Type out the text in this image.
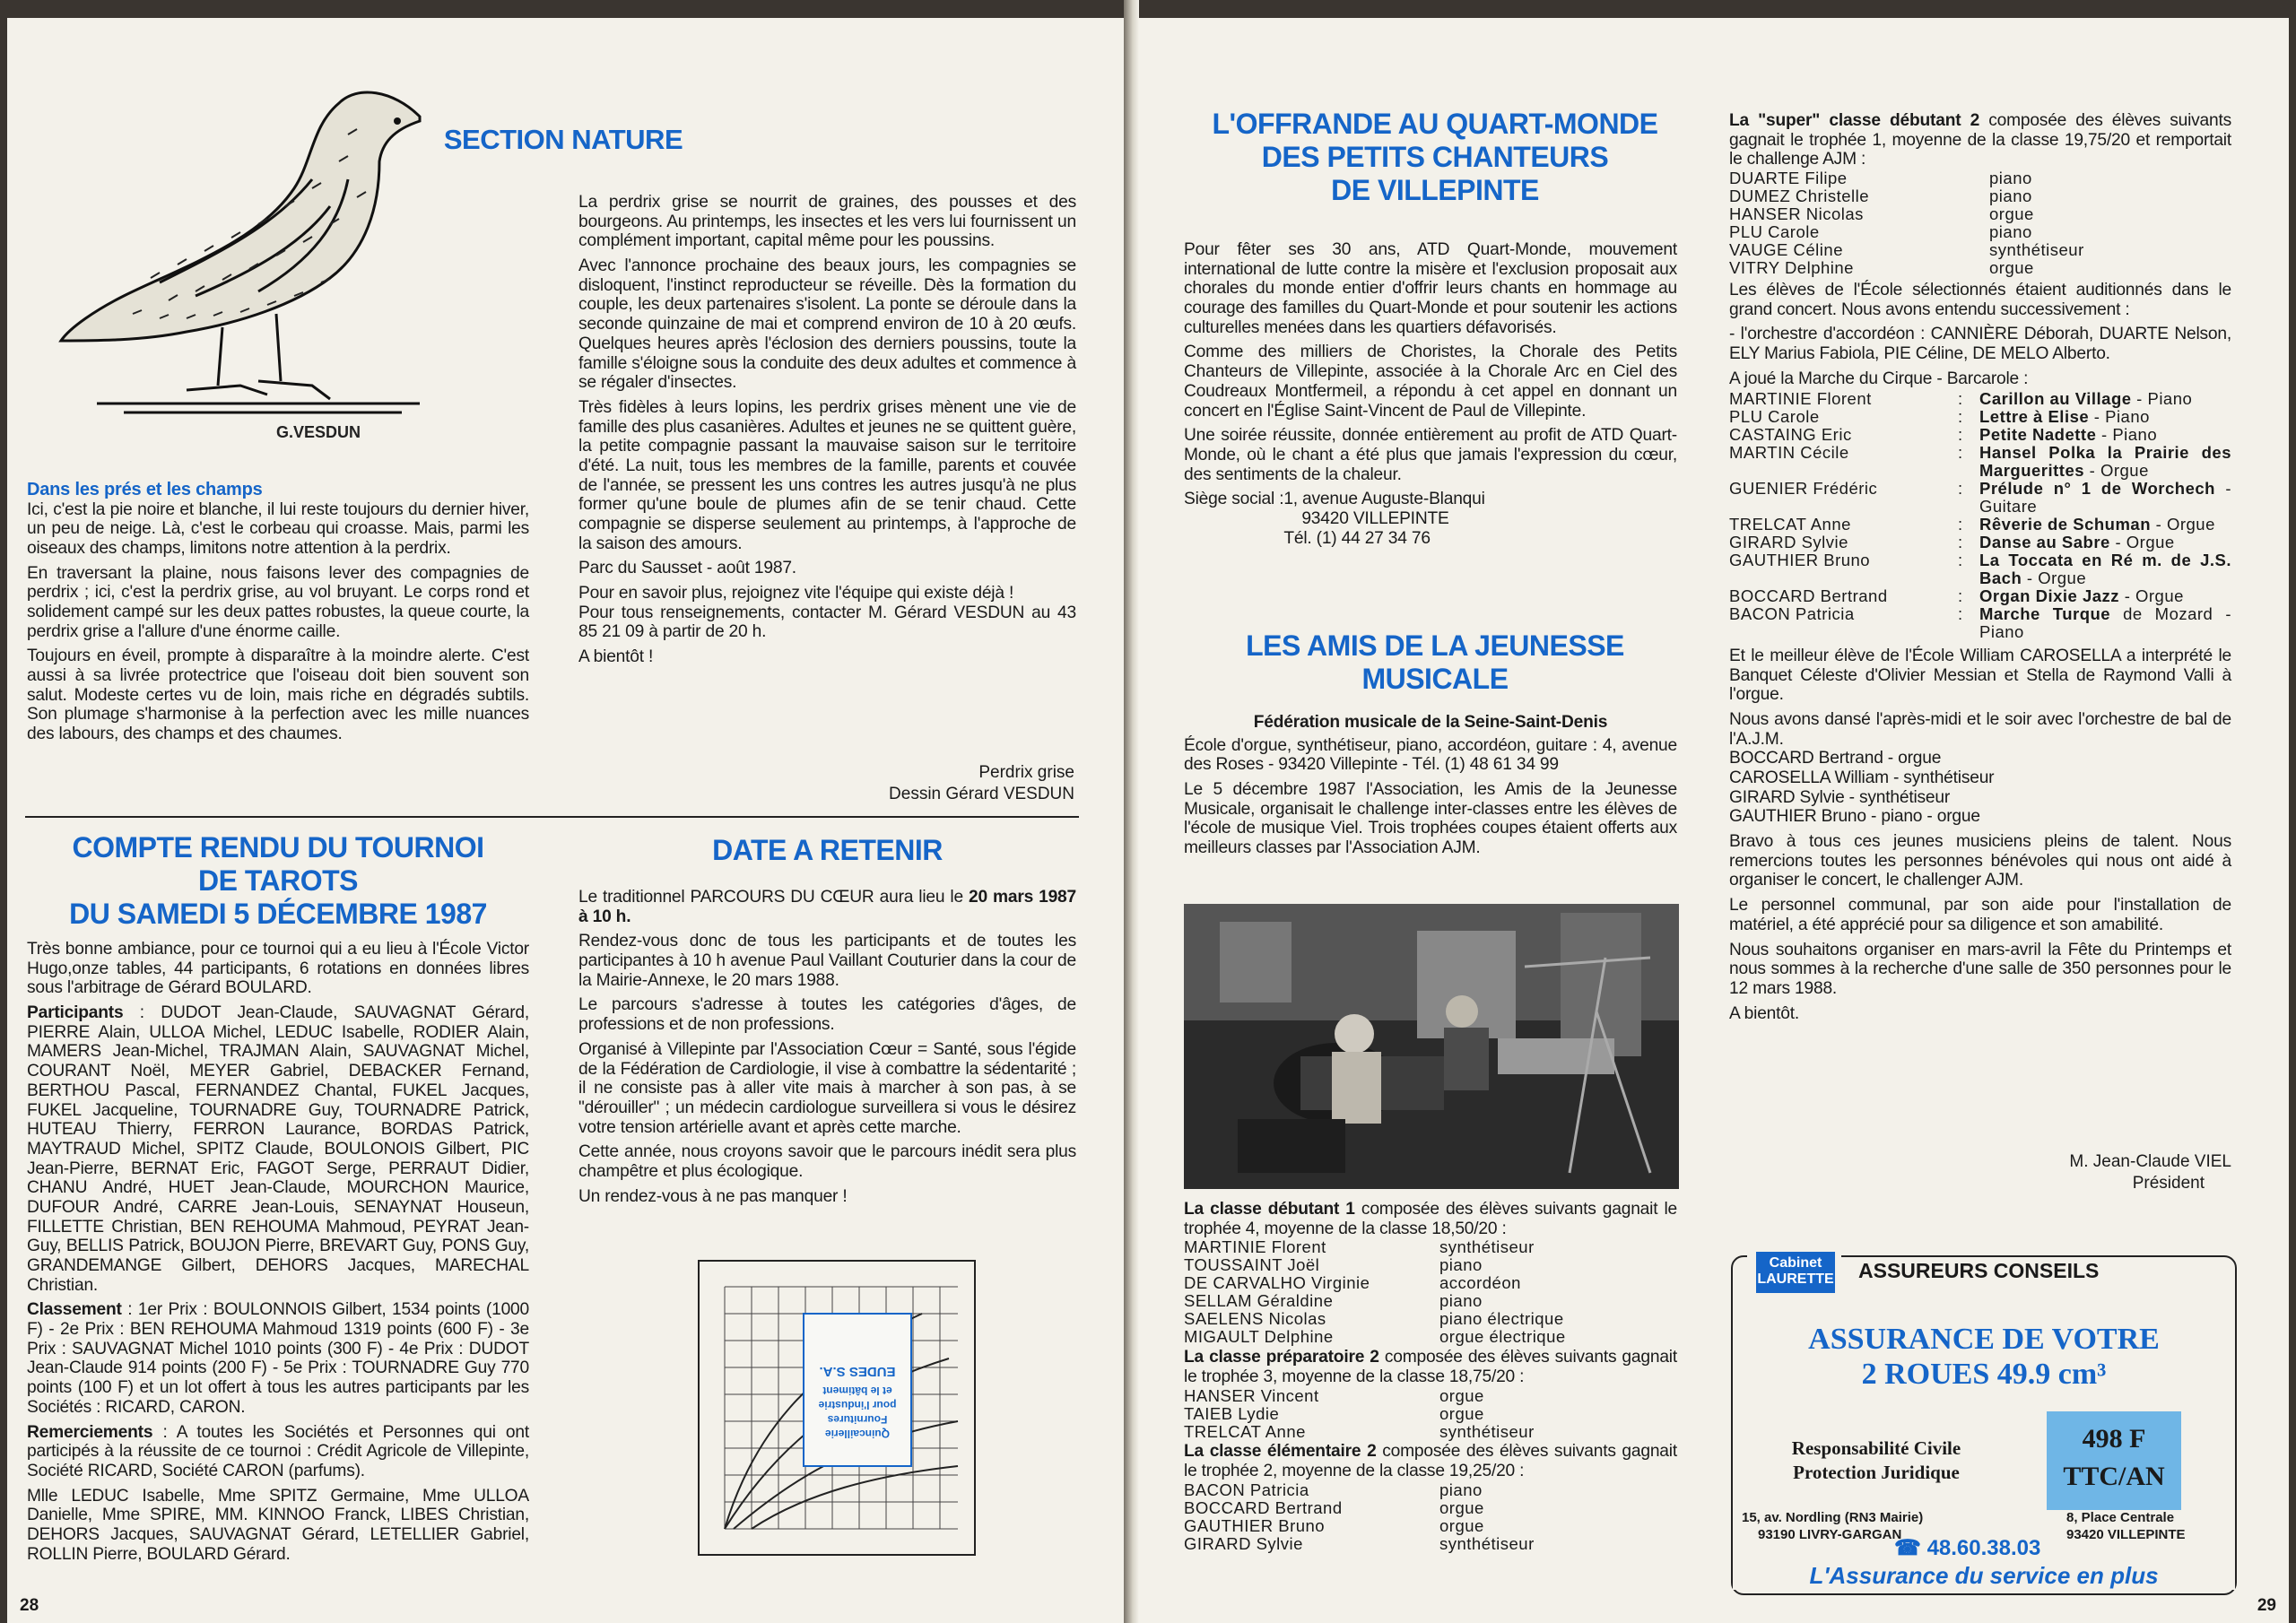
G.VESDUN
SECTION NATURE
Dans les prés et les champs

Ici, c'est la pie noire et blanche, il lui reste toujours du dernier hiver, un peu de neige. Là, c'est le corbeau qui croasse. Mais, parmi les oiseaux des champs, limitons notre attention à la perdrix.

En traversant la plaine, nous faisons lever des compagnies de perdrix ; ici, c'est la perdrix grise, au vol bruyant. Le corps rond et solidement campé sur les deux pattes robustes, la queue courte, la perdrix grise a l'allure d'une énorme caille.

Toujours en éveil, prompte à disparaître à la moindre alerte. C'est aussi à sa livrée protectrice que l'oiseau doit bien souvent son salut. Modeste certes vu de loin, mais riche en dégradés subtils. Son plumage s'harmonise à la perfection avec les mille nuances des labours, des champs et des chaumes.

La perdrix grise se nourrit de graines, des pousses et des bourgeons. Au printemps, les insectes et les vers lui fournissent un complément important, capital même pour les poussins.

Avec l'annonce prochaine des beaux jours, les compagnies se disloquent, l'instinct reproducteur se réveille. Dès la formation du couple, les deux partenaires s'isolent. La ponte se déroule dans la seconde quinzaine de mai et comprend environ de 10 à 20 œufs. Quelques heures après l'éclosion des derniers poussins, toute la famille s'éloigne sous la conduite des deux adultes et commence à se régaler d'insectes.

Très fidèles à leurs lopins, les perdrix grises mènent une vie de famille des plus casanières. Adultes et jeunes ne se quittent guère, la petite compagnie passant la mauvaise saison sur le territoire d'été. La nuit, tous les membres de la famille, parents et couvée de l'année, se pressent les uns contres les autres jusqu'à ne plus former qu'une boule de plumes afin de se tenir chaud. Cette compagnie se disperse seulement au printemps, à l'approche de la saison des amours.

Parc du Sausset - août 1987.

Pour en savoir plus, rejoignez vite l'équipe qui existe déjà !

Pour tous renseignements, contacter M. Gérard VESDUN au 43 85 21 09 à partir de 20 h.

A bientôt !

Perdrix grise
Dessin Gérard VESDUN
COMPTE RENDU DU TOURNOI
DE TAROTS
DU SAMEDI 5 DÉCEMBRE 1987

Très bonne ambiance, pour ce tournoi qui a eu lieu à l'École Victor Hugo,onze tables, 44 participants, 6 rotations en données libres sous l'arbitrage de Gérard BOULARD.

Participants : DUDOT Jean-Claude, SAUVAGNAT Gérard, PIERRE Alain, ULLOA Michel, LEDUC Isabelle, RODIER Alain, MAMERS Jean-Michel, TRAJMAN Alain, SAUVAGNAT Michel, COURANT Noël, MEYER Gabriel, DEBACKER Fernand, BERTHOU Pascal, FERNANDEZ Chantal, FUKEL Jacques, FUKEL Jacqueline, TOURNADRE Guy, TOURNADRE Patrick, HUTEAU Thierry, FERRON Laurance, BORDAS Patrick, MAYTRAUD Michel, SPITZ Claude, BOULONOIS Gilbert, PIC Jean-Pierre, BERNAT Eric, FAGOT Serge, PERRAUT Didier, CHANU André, HUET Jean-Claude, MOURCHON Maurice, DUFOUR André, CARRE Jean-Louis, SENAYNAT Houseun, FILLETTE Christian, BEN REHOUMA Mahmoud, PEYRAT Jean-Guy, BELLIS Patrick, BOUJON Pierre, BREVART Guy, PONS Guy, GRANDEMANGE Gilbert, DEHORS Jacques, MARECHAL Christian.

Classement : 1er Prix : BOULONNOIS Gilbert, 1534 points (1000 F) - 2e Prix : BEN REHOUMA Mahmoud 1319 points (600 F) - 3e Prix : SAUVAGNAT Michel 1010 points (300 F) - 4e Prix : DUDOT Jean-Claude 914 points (200 F) - 5e Prix : TOURNADRE Guy 770 points (100 F) et un lot offert à tous les autres participants par les Sociétés : RICARD, CARON.

Remerciements : A toutes les Sociétés et Personnes qui ont participés à la réussite de ce tournoi : Crédit Agricole de Villepinte, Société RICARD, Société CARON (parfums).

Mlle LEDUC Isabelle, Mme SPITZ Germaine, Mme ULLOA Danielle, Mme SPIRE, MM. KINNOO Franck, LIBES Christian, DEHORS Jacques, SAUVAGNAT Gérard, LETELLIER Gabriel, ROLLIN Pierre, BOULARD Gérard.

DATE A RETENIR

Le traditionnel PARCOURS DU CŒUR aura lieu le 20 mars 1987 à 10 h.

Rendez-vous donc de tous les participants et de toutes les participantes à 10 h avenue Paul Vaillant Couturier dans la cour de la Mairie-Annexe, le 20 mars 1988.

Le parcours s'adresse à toutes les catégories d'âges, de professions et de non professions.

Organisé à Villepinte par l'Association Cœur = Santé, sous l'égide de la Fédération de Cardiologie, il vise à combattre la sédentarité ; il ne consiste pas à aller vite mais à marcher à son pas, à se "dérouiller" ; un médecin cardiologue surveillera si vous le désirez votre tension artérielle avant et après cette marche.

Cette année, nous croyons savoir que le parcours inédit sera plus champêtre et plus écologique.

Un rendez-vous à ne pas manquer !

Quincaillerie
Fournitures
pour l'industrie
et le bâtiment
EUDES S.A.
28
L'OFFRANDE AU QUART-MONDE
DES PETITS CHANTEURS
DE VILLEPINTE

Pour fêter ses 30 ans, ATD Quart-Monde, mouvement international de lutte contre la misère et l'exclusion proposait aux chorales du monde entier d'offrir leurs chants en hommage au courage des familles du Quart-Monde et pour soutenir les actions culturelles menées dans les quartiers défavorisés.

Comme des milliers de Choristes, la Chorale des Petits Chanteurs de Villepinte, associée à la Chorale Arc en Ciel des Coudreaux Montfermeil, a répondu à cet appel en donnant un concert en l'Église Saint-Vincent de Paul de Villepinte.

Une soirée réussite, donnée entièrement au profit de ATD Quart-Monde, où le chant a été plus que jamais l'expression du cœur, des sentiments de la chaleur.

Siège social : 1, avenue Auguste-Blanqui
93420 VILLEPINTE
Tél. (1) 44 27 34 76
LES AMIS DE LA JEUNESSE
MUSICALE
Fédération musicale de la Seine-Saint-Denis

École d'orgue, synthétiseur, piano, accordéon, guitare : 4, avenue des Roses - 93420 Villepinte - Tél. (1) 48 61 34 99

Le 5 décembre 1987 l'Association, les Amis de la Jeunesse Musicale, organisait le challenge inter-classes entre les élèves de l'école de musique Viel. Trois trophées coupes étaient offerts aux meilleurs classes par l'Association AJM.

La classe débutant 1 composée des élèves suivants gagnait le trophée 4, moyenne de la classe 18,50/20 :

MARTINIE Florent	synthétiseur
TOUSSAINT Joël	piano
DE CARVALHO Virginie	accordéon
SELLAM Géraldine	piano
SAELENS Nicolas	piano électrique
MIGAULT Delphine	orgue électrique

La classe préparatoire 2 composée des élèves suivants gagnait le trophée 3, moyenne de la classe 18,75/20 :

HANSER Vincent	orgue
TAIEB Lydie	orgue
TRELCAT Anne	synthétiseur

La classe élémentaire 2 composée des élèves suivants gagnait le trophée 2, moyenne de la classe 19,25/20 :

BACON Patricia	piano
BOCCARD Bertrand	orgue
GAUTHIER Bruno	orgue
GIRARD Sylvie	synthétiseur

La "super" classe débutant 2 composée des élèves suivants gagnait le trophée 1, moyenne de la classe 19,75/20 et remportait le challenge AJM :

DUARTE Filipe	piano
DUMEZ Christelle	piano
HANSER Nicolas	orgue
PLU Carole	piano
VAUGE Céline	synthétiseur
VITRY Delphine	orgue

Les élèves de l'École sélectionnés étaient auditionnés dans le grand concert. Nous avons entendu successivement :

- l'orchestre d'accordéon : CANNIÈRE Déborah, DUARTE Nelson, ELY Marius Fabiola, PIE Céline, DE MELO Alberto.

A joué la Marche du Cirque - Barcarole :

MARTINIE Florent	:	Carillon au Village - Piano
PLU Carole	:	Lettre à Elise - Piano
CASTAING Eric	:	Petite Nadette - Piano
MARTIN Cécile	:	Hansel Polka la Prairie des Marguerittes - Orgue
GUENIER Frédéric	:	Prélude n° 1 de Worchech - Guitare
TRELCAT Anne	:	Rêverie de Schuman - Orgue
GIRARD Sylvie	:	Danse au Sabre - Orgue
GAUTHIER Bruno	:	La Toccata en Ré m. de J.S. Bach - Orgue
BOCCARD Bertrand	:	Organ Dixie Jazz - Orgue
BACON Patricia	:	Marche Turque de Mozard - Piano

Et le meilleur élève de l'École William CAROSELLA a interprété le Banquet Céleste d'Olivier Messian et Stella de Raymond Valli à l'orgue.

Nous avons dansé l'après-midi et le soir avec l'orchestre de bal de l'A.J.M.

BOCCARD Bertrand - orgue
CAROSELLA William - synthétiseur
GIRARD Sylvie - synthétiseur
GAUTHIER Bruno - piano - orgue

Bravo à tous ces jeunes musiciens pleins de talent. Nous remercions toutes les personnes bénévoles qui nous ont aidé à organiser le concert, le challenger AJM.

Le personnel communal, par son aide pour l'installation de matériel, a été apprécié pour sa diligence et son amabilité.

Nous souhaitons organiser en mars-avril la Fête du Printemps et nous sommes à la recherche d'une salle de 350 personnes pour le 12 mars 1988.

A bientôt.

M. Jean-Claude VIEL
Président
Cabinet
LAURETTE ASSUREURS CONSEILS
ASSURANCE DE VOTRE
2 ROUES 49.9 cm³
Responsabilité Civile
Protection Juridique
498 F
TTC/AN
15, av. Nordling (RN3 Mairie)
93190 LIVRY-GARGAN
8, Place Centrale
93420 VILLEPINTE
☎ 48.60.38.03
L'Assurance du service en plus
29
